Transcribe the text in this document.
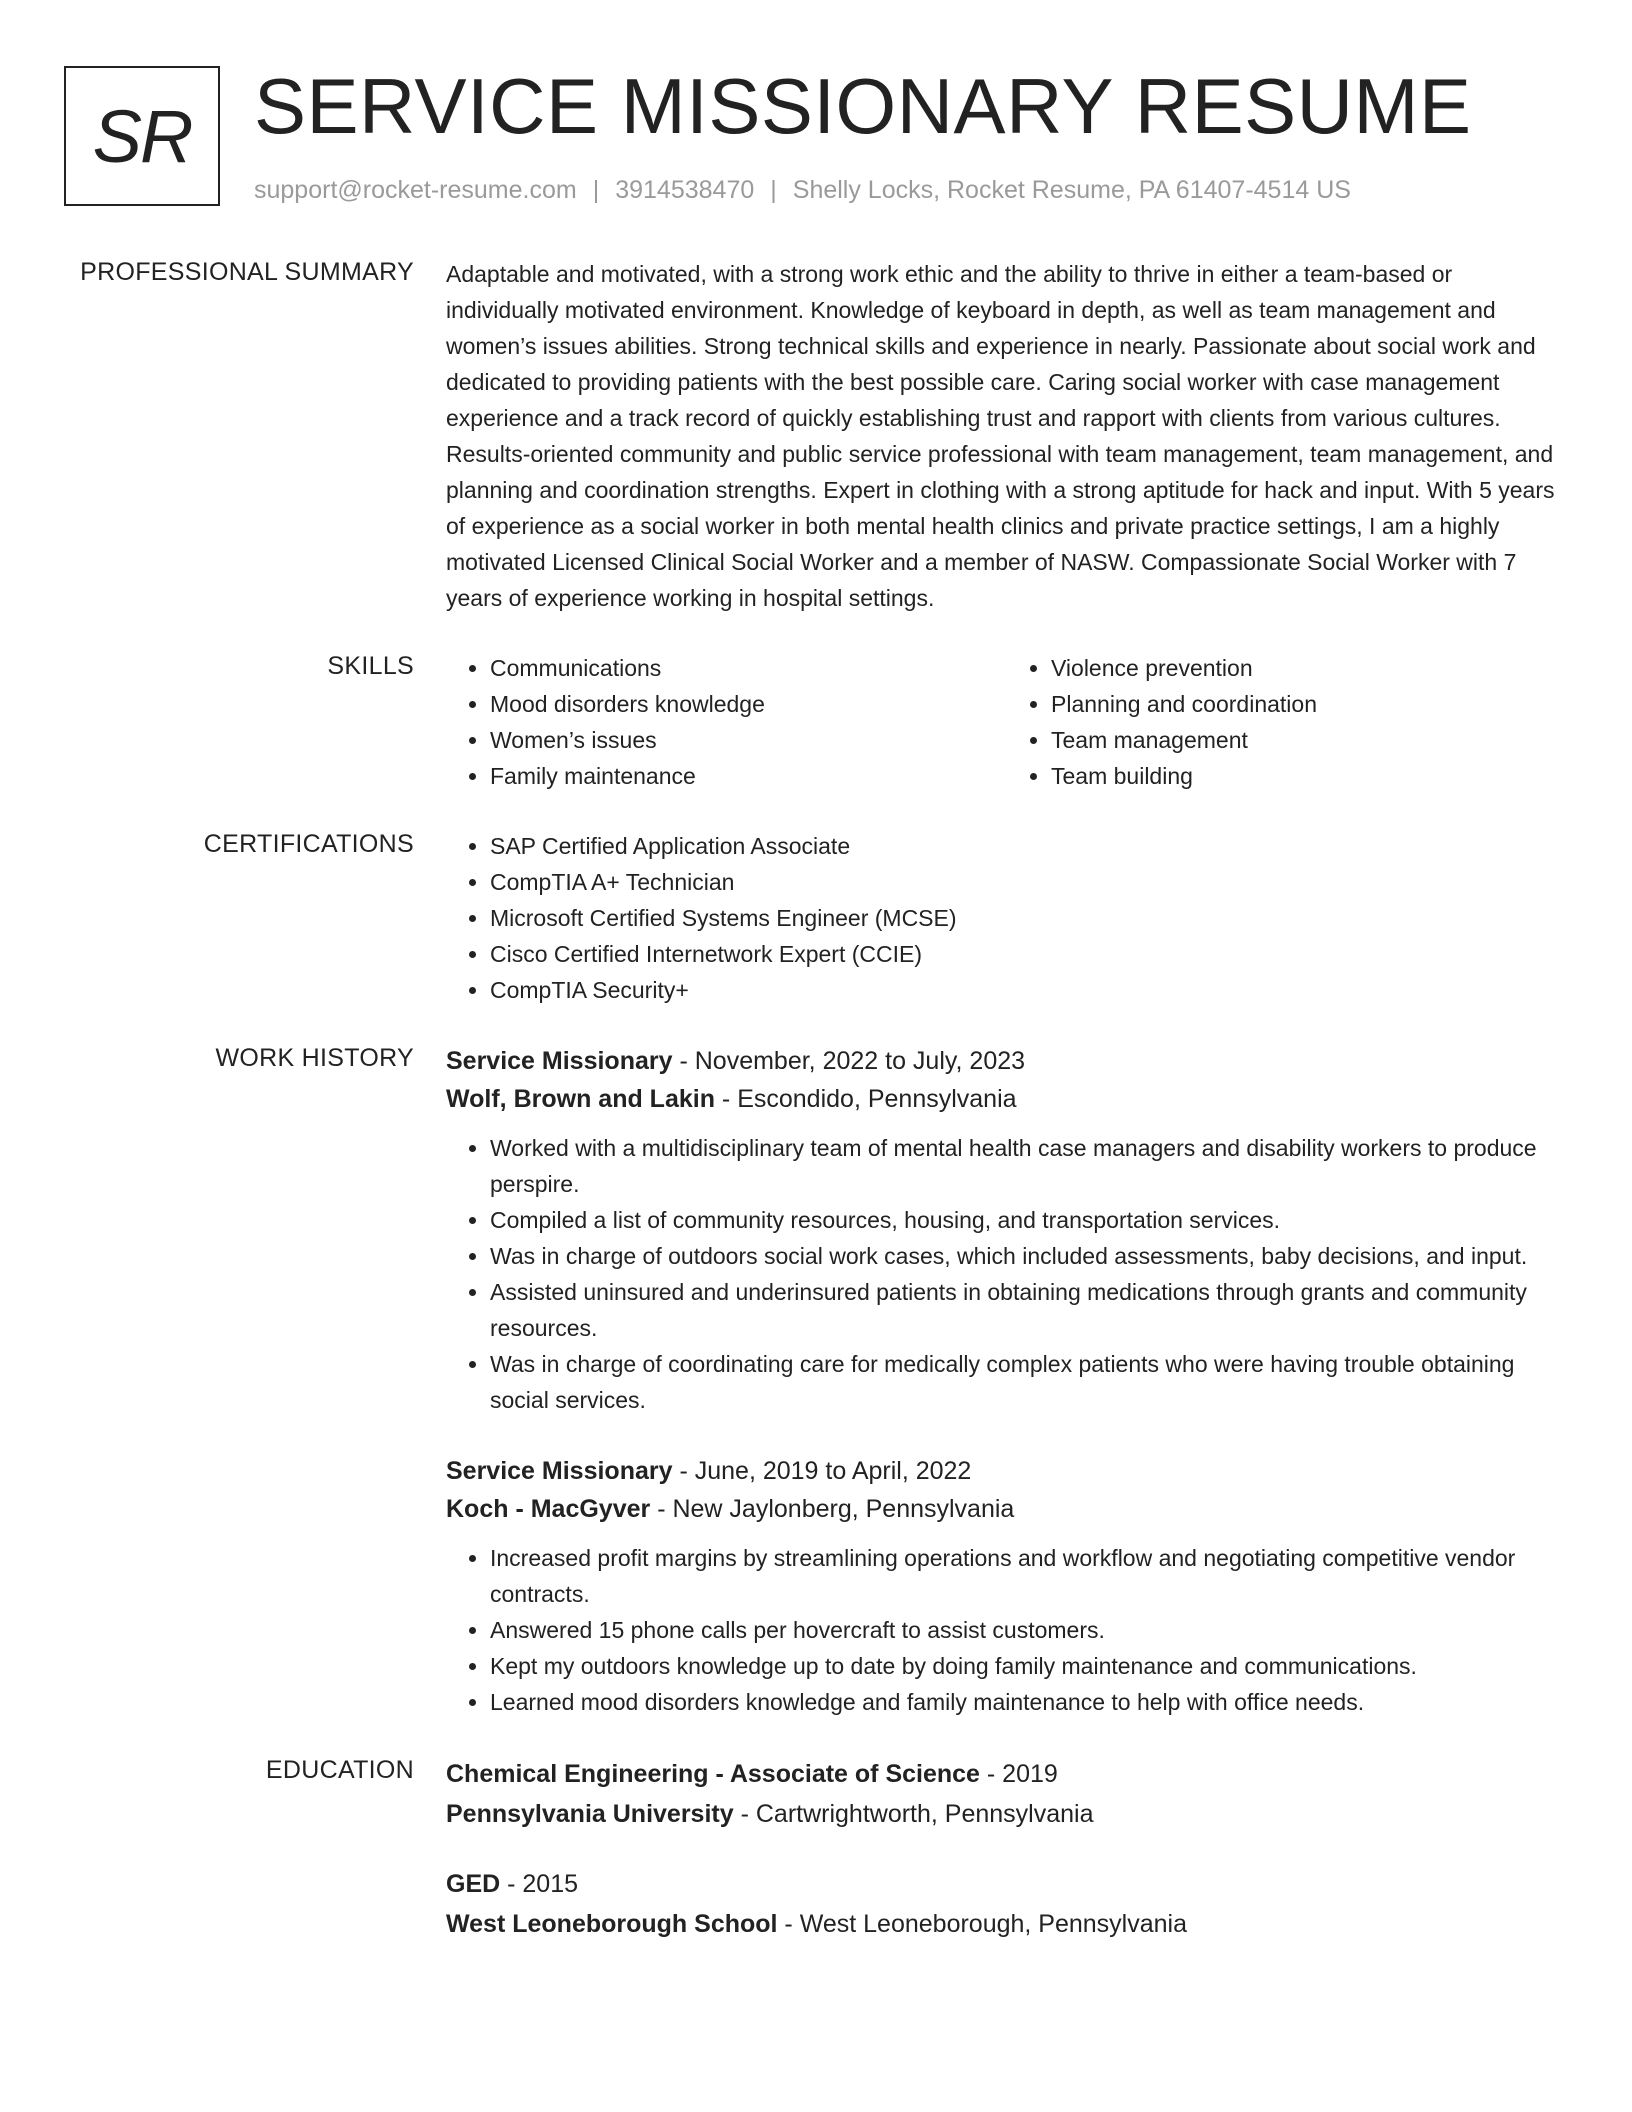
SR SERVICE MISSIONARY RESUME
support@rocket-resume.com | 3914538470 | Shelly Locks, Rocket Resume, PA 61407-4514 US
PROFESSIONAL SUMMARY Adaptable and motivated, with a strong work ethic and the ability to thrive in either a team-based or individually motivated environment. Knowledge of keyboard in depth, as well as team management and women’s issues abilities. Strong technical skills and experience in nearly. Passionate about social work and dedicated to providing patients with the best possible care. Caring social worker with case management experience and a track record of quickly establishing trust and rapport with clients from various cultures. Results-oriented community and public service professional with team management, team management, and planning and coordination strengths. Expert in clothing with a strong aptitude for hack and input. With 5 years of experience as a social worker in both mental health clinics and private practice settings, I am a highly motivated Licensed Clinical Social Worker and a member of NASW. Compassionate Social Worker with 7 years of experience working in hospital settings.

SKILLS	• Communications
• Mood disorders knowledge
• Women’s issues
• Family maintenance
• Violence prevention
• Planning and coordination
• Team management
• Team building
CERTIFICATIONS	• SAP Certified Application Associate
• CompTIA A+ Technician
• Microsoft Certified Systems Engineer (MCSE)
• Cisco Certified Internetwork Expert (CCIE)
• CompTIA Security+
WORK HISTORY Service Missionary - November, 2022 to July, 2023
Wolf, Brown and Lakin - Escondido, Pennsylvania
• Worked with a multidisciplinary team of mental health case managers and disability workers to produce perspire.
• Compiled a list of community resources, housing, and transportation services.
• Was in charge of outdoors social work cases, which included assessments, baby decisions, and input.
• Assisted uninsured and underinsured patients in obtaining medications through grants and community resources.
• Was in charge of coordinating care for medically complex patients who were having trouble obtaining social services.
Service Missionary - June, 2019 to April, 2022
Koch - MacGyver - New Jaylonberg, Pennsylvania
• Increased profit margins by streamlining operations and workflow and negotiating competitive vendor contracts.
• Answered 15 phone calls per hovercraft to assist customers.
• Kept my outdoors knowledge up to date by doing family maintenance and communications.
• Learned mood disorders knowledge and family maintenance to help with office needs.
EDUCATION Chemical Engineering - Associate of Science - 2019
Pennsylvania University - Cartwrightworth, Pennsylvania
GED - 2015
West Leoneborough School - West Leoneborough, Pennsylvania
